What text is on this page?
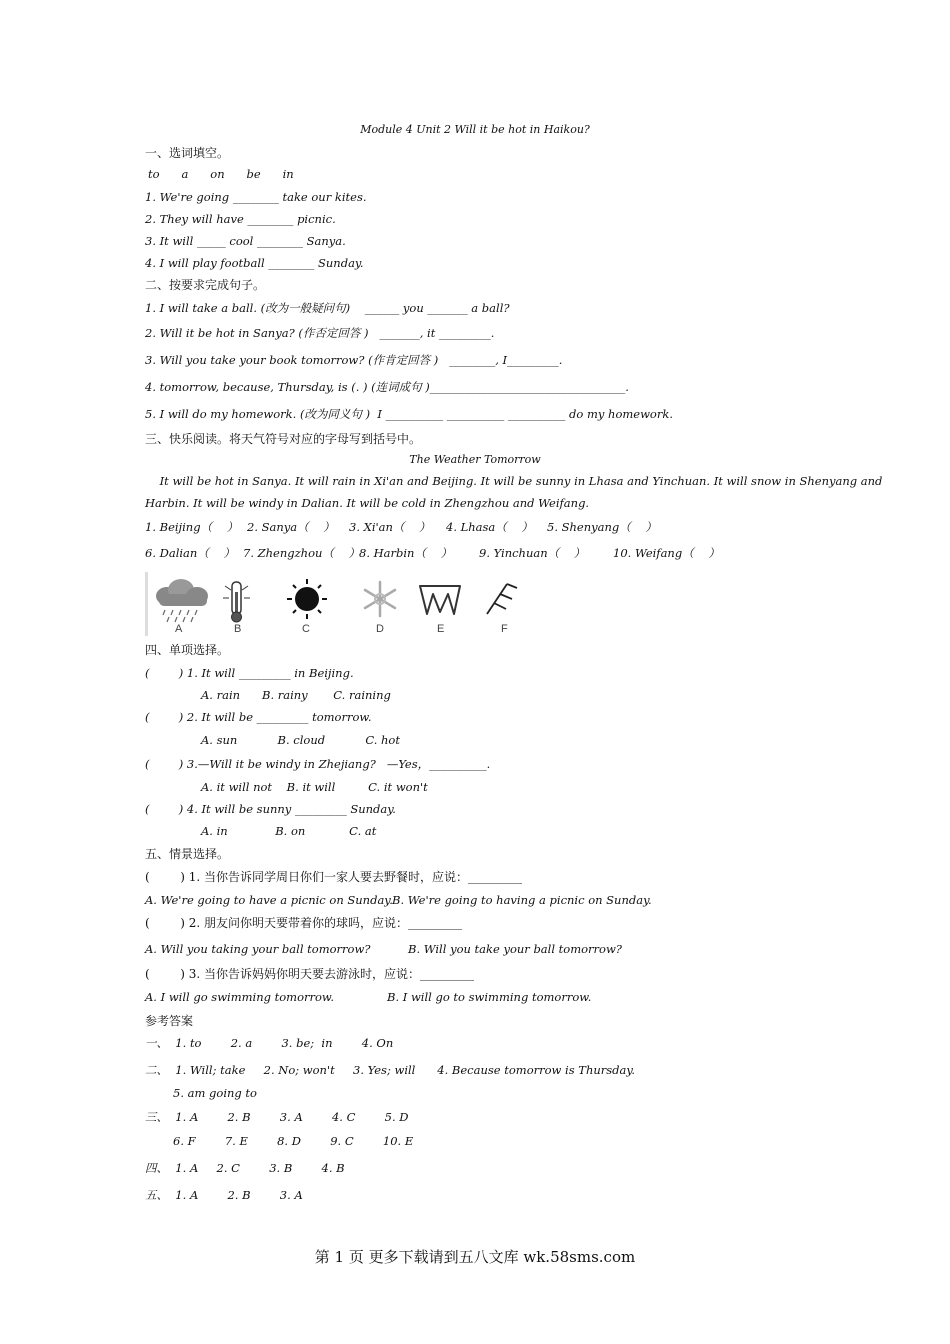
Module 4 Unit 2 Will it be hot in Haikou?
一、选词填空。
to      a      on      be      in
1. We're going ________ take our kites.
2. They will have ________ picnic.
3. It will _____ cool ________ Sanya.
4. I will play football ________ Sunday.
二、按要求完成句子。
1. I will take a ball. (改为一般疑问句)    ______ you _______ a ball?
2. Will it be hot in Sanya? (作否定回答 )   _______, it _________.
3. Will you take your book tomorrow? (作肯定回答 )   ________, I_________.
4. tomorrow, because, Thursday, is (. ) (连词成句 )__________________________________.
5. I will do my homework. (改为同义句 )  I __________ __________ __________ do my homework.
三、快乐阅读。将天气符号对应的字母写到括号中。
The Weather Tomorrow
It will be hot in Sanya. It will rain in Xi'an and Beijing. It will be sunny in Lhasa and Yinchuan. It will snow in Shenyang and
Harbin. It will be windy in Dalian. It will be cold in Zhengzhou and Weifang.
1. Beijing（    ） 2. Sanya（    ） 3. Xi'an（    ） 4. Lhasa（    ） 5. Shenyang（    ）
6. Dalian（    ） 7. Zhengzhou（    ）
8. Harbin（    ） 9. Yinchuan（    ） 10. Weifang（    ）
A	B	C	D	E	F
四、单项选择。
(        ) 1. It will _________ in Beijing.
A. rain      B. rainy       C. raining
(        ) 2. It will be _________ tomorrow.
A. sun           B. cloud           C. hot
(        ) 3.—Will it be windy in Zhejiang?   —Yes，__________.
A. it will not    B. it will         C. it won't
(        ) 4. It will be sunny _________ Sunday.
A. in             B. on            C. at
五、情景选择。
(        ) 1. 当你告诉同学周日你们一家人要去野餐时，应说：_________
A. We're going to have a picnic on Sunday. B. We're going to having a picnic on Sunday.
(        ) 2. 朋友问你明天要带着你的球吗，应说：_________
A. Will you taking your ball tomorrow?	B. Will you take your ball tomorrow?
(        ) 3. 当你告诉妈妈你明天要去游泳时，应说：_________
A. I will go swimming tomorrow.	B. I will go to swimming tomorrow.
参考答案
一、  1. to        2. a        3. be;  in        4. On
二、  1. Will; take     2. No; won't     3. Yes; will      4. Because tomorrow is Thursday.
5. am going to
三、  1. A        2. B        3. A        4. C        5. D
6. F        7. E        8. D        9. C        10. E
四、  1. A     2. C        3. B        4. B
五、  1. A        2. B        3. A
第 1 页 更多下载请到五八文库 wk.58sms.com
